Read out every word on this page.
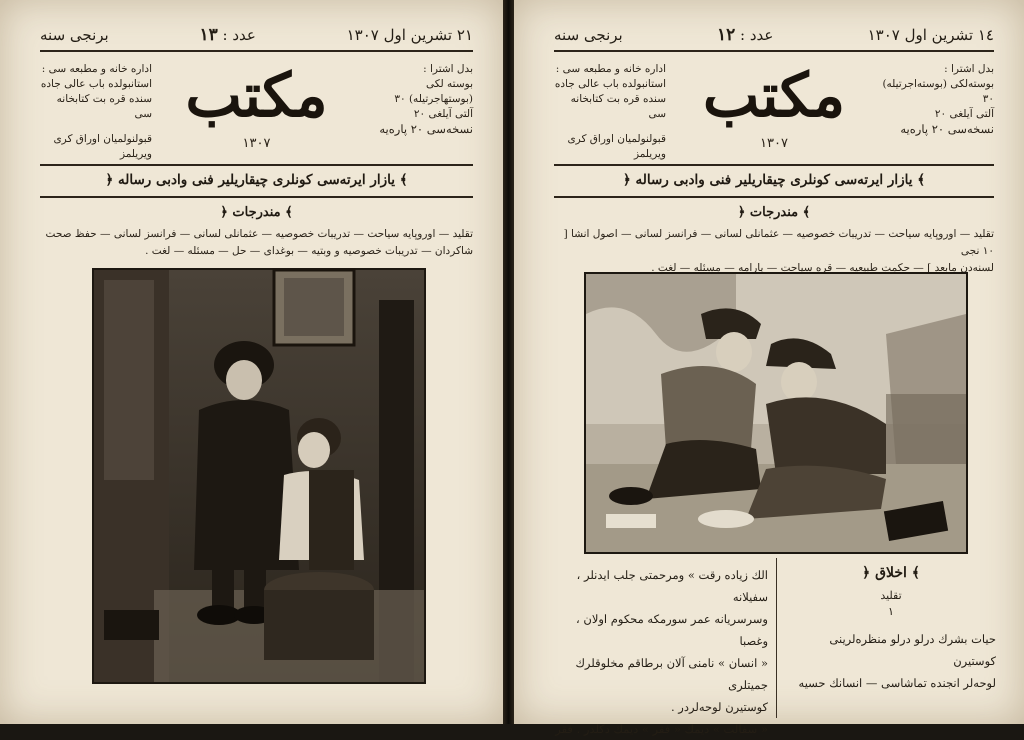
٢١ تشرین اول ١٣٠٧
عدد : ١٣
برنجی سنه
بدل اشترا :
بوسته لكی (بوستهاجرتیله) ٣٠
آلتی آیلغی ٢٠
اداره خانه و مطبعه سی :
استانبولده باب عالی جاده‌
سنده قره بت كتابخانه سی
قبولنولمیان اوراق كری
ویریلمز
مكتب
١٣٠٧
نسخه‌سی ٢٠ پاره‌یه
﴾ یازار ایرته‌سی كونلری چیقاریلیر فنی وادبی رساله ﴿
﴾ مندرجات ﴿
تقلید — اوروپایه سیاحت — تدریبات خصوصیه — عثمانلی لسانی — فرانسز لسانی — حفظ صحت
شاكردان — تدریبات خصوصیه و وبتیه — بوغدای — حل — مسئله — لغت .
١٤ تشرین اول ١٣٠٧
عدد : ١٢
برنجی سنه
بدل اشترا :
بوسته‌لكی (بوسته‌اجرتیله) ٣٠
آلتی آیلغی ٢٠
اداره خانه و مطبعه سی :
استانبولده باب عالی جاده‌
سنده قره بت كتابخانه سی
قبولنولمیان اوراق كری
ویریلمز
مكتب
١٣٠٧
نسخه‌سی ٢٠ پاره‌یه
﴾ یازار ایرته‌سی كونلری چیقاریلیر فنی وادبی رساله ﴿
﴾ مندرجات ﴿
تقلید — اوروپایه سیاحت — تدریبات خصوصیه — عثمانلی لسانی — فرانسز لسانی — اصول انشا [ ١٠ نجی
لسنه‌دن مابعد ] — حكمت طبیعیه — قره سیاحت — یارامه — مسئله — لغت .
﴾ اخلاق ﴿
تقلید
١
حیات بشرك درلو درلو منظره‌لرینی كوستیرن
لوحه‌لر انجنده تماشاسی — انسانك حسیه
الك زیاده رقت » ومرحمتی جلب ایدنلر ، سفیلانه
وسرسریانه عمر سورمكه محكوم اولان ، وغصبا
« انسان » نامنی آلان برطاقم مخلوقلرك جمیتلری
كوستیرن لوحه‌لردر .
« سفالت » دیمك « فقر » دیمك دكلدر . فقر
